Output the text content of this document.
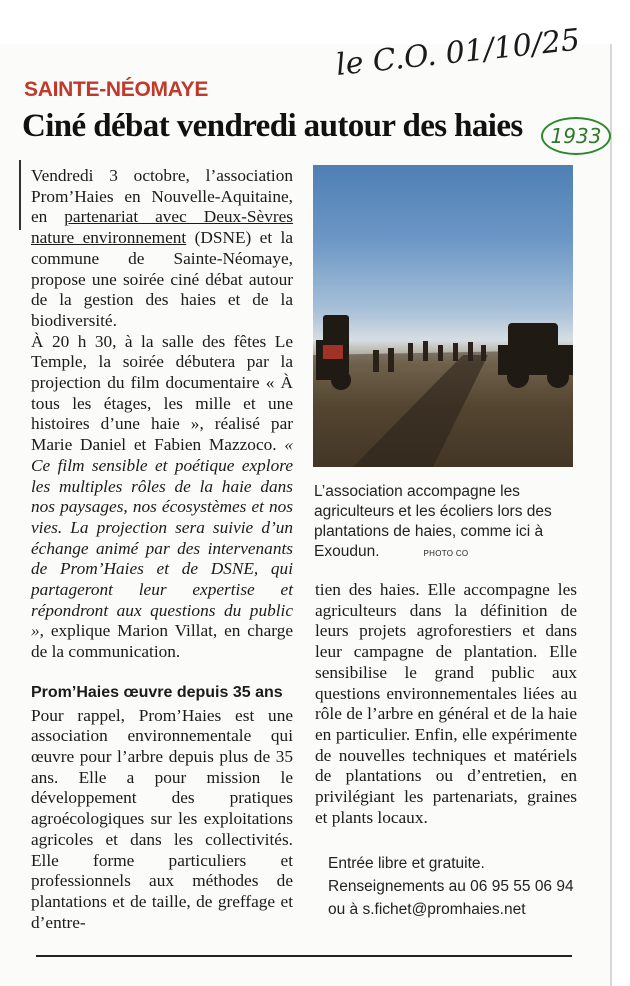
le C.O. 01/10/25
SAINTE-NÉOMAYE
Ciné débat vendredi autour des haies	1933

Vendredi 3 octobre, l’association Prom’Haies en Nouvelle-Aquitaine, en partenariat avec Deux-Sèvres nature environnement (DSNE) et la commune de Sainte-Néomaye, propose une soirée ciné débat autour de la gestion des haies et de la biodiversité.

À 20 h 30, à la salle des fêtes Le Temple, la soirée débutera par la projection du film documentaire « À tous les étages, les mille et une histoires d’une haie », réalisé par Marie Daniel et Fabien Mazzoco. « Ce film sensible et poétique explore les multiples rôles de la haie dans nos paysages, nos écosystèmes et nos vies. La projection sera suivie d’un échange animé par des intervenants de Prom’Haies et de DSNE, qui partageront leur expertise et répondront aux questions du public », explique Marion Villat, en charge de la communication.

Prom’Haies œuvre depuis 35 ans

Pour rappel, Prom’Haies est une association environnementale qui œuvre pour l’arbre depuis plus de 35 ans. Elle a pour mission le développement des pratiques agroécologiques sur les exploitations agricoles et dans les collectivités. Elle forme particuliers et professionnels aux méthodes de plantations et de taille, de greffage et d’entre-

L’association accompagne les agriculteurs et les écoliers lors des plantations de haies, comme ici à Exoudun.	PHOTO CO

tien des haies. Elle accompagne les agriculteurs dans la définition de leurs projets agroforestiers et dans leur campagne de plantation. Elle sensibilise le grand public aux questions environnementales liées au rôle de l’arbre en général et de la haie en particulier. Enfin, elle expérimente de nouvelles techniques et matériels de plantations ou d’entretien, en privilégiant les partenariats, graines et plants locaux.

Entrée libre et gratuite.
Renseignements au 06 95 55 06 94
ou à s.fichet@promhaies.net
